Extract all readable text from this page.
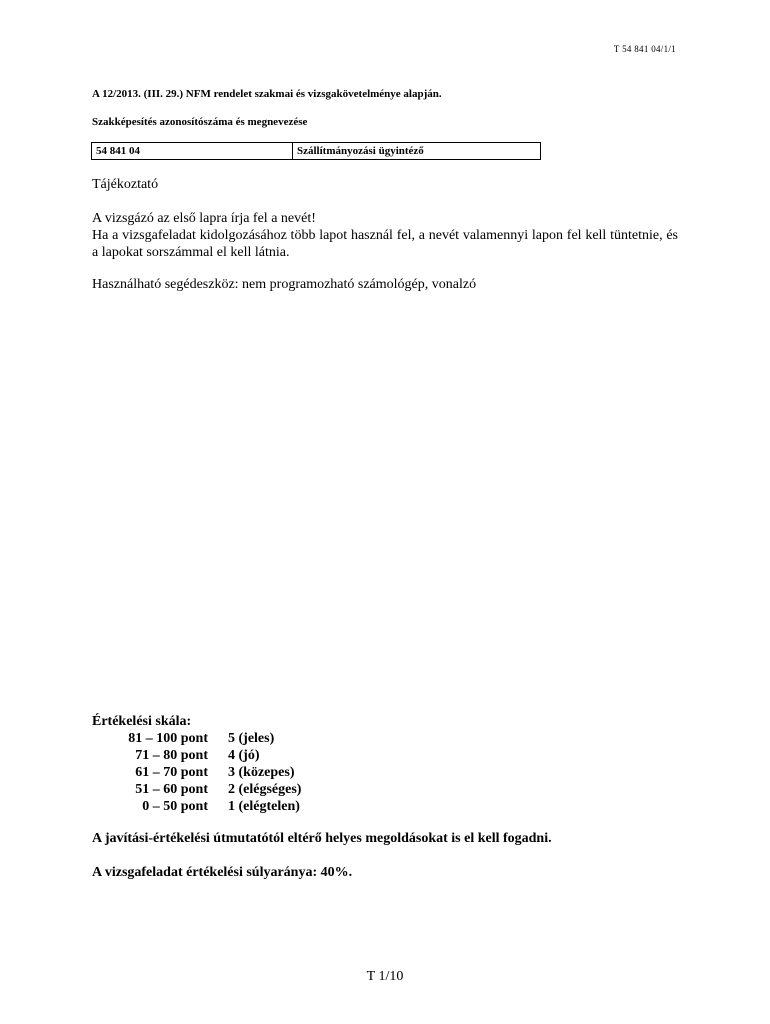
T 54 841 04/1/1
A 12/2013. (III. 29.) NFM rendelet szakmai és vizsgakövetelménye alapján.
Szakképesítés azonosítószáma és megnevezése
54 841 04	Szállítmányozási ügyintéző
Tájékoztató

A vizsgázó az első lapra írja fel a nevét!

Ha a vizsgafeladat kidolgozásához több lapot használ fel, a nevét valamennyi lapon fel kell tüntetnie, és a lapokat sorszámmal el kell látnia.

Használható segédeszköz: nem programozható számológép, vonalzó
Értékelési skála:
81 – 100 pont 5 (jeles)
71 – 80 pont 4 (jó)
61 – 70 pont 3 (közepes)
51 – 60 pont 2 (elégséges)
0 – 50 pont 1 (elégtelen)
A javítási-értékelési útmutatótól eltérő helyes megoldásokat is el kell fogadni.
A vizsgafeladat értékelési súlyaránya: 40%.
T 1/10
